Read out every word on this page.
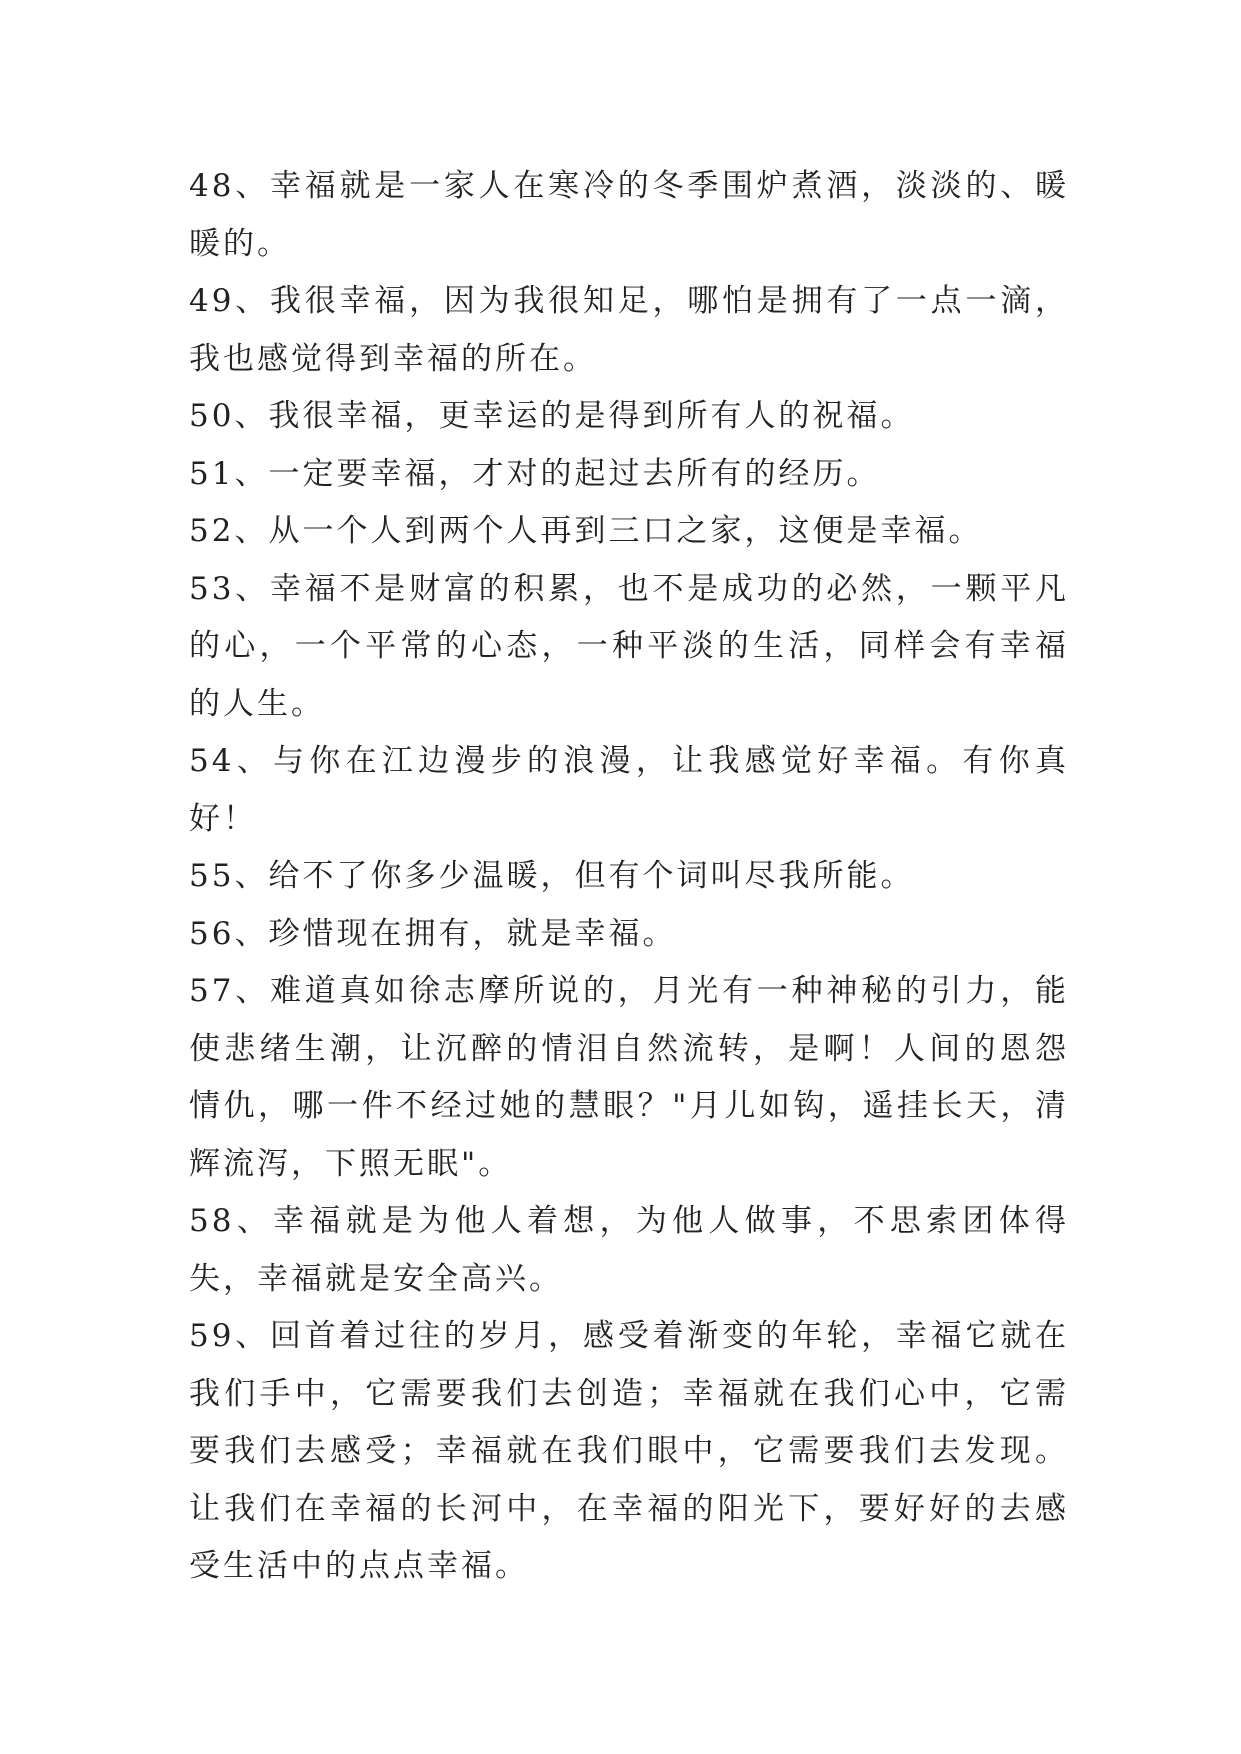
48、幸福就是一家人在寒冷的冬季围炉煮酒，淡淡的、暖暖的。

49、我很幸福，因为我很知足，哪怕是拥有了一点一滴，我也感觉得到幸福的所在。

50、我很幸福，更幸运的是得到所有人的祝福。

51、一定要幸福，才对的起过去所有的经历。

52、从一个人到两个人再到三口之家，这便是幸福。

53、幸福不是财富的积累，也不是成功的必然，一颗平凡的心，一个平常的心态，一种平淡的生活，同样会有幸福的人生。

54、与你在江边漫步的浪漫，让我感觉好幸福。有你真好！

55、给不了你多少温暖，但有个词叫尽我所能。

56、珍惜现在拥有，就是幸福。

57、难道真如徐志摩所说的，月光有一种神秘的引力，能使悲绪生潮，让沉醉的情泪自然流转，是啊！人间的恩怨情仇，哪一件不经过她的慧眼？"月儿如钩，遥挂长天，清辉流泻，下照无眠"。

58、幸福就是为他人着想，为他人做事，不思索团体得失，幸福就是安全高兴。

59、回首着过往的岁月，感受着渐变的年轮，幸福它就在我们手中，它需要我们去创造；幸福就在我们心中，它需要我们去感受；幸福就在我们眼中，它需要我们去发现。让我们在幸福的长河中，在幸福的阳光下，要好好的去感受生活中的点点幸福。
